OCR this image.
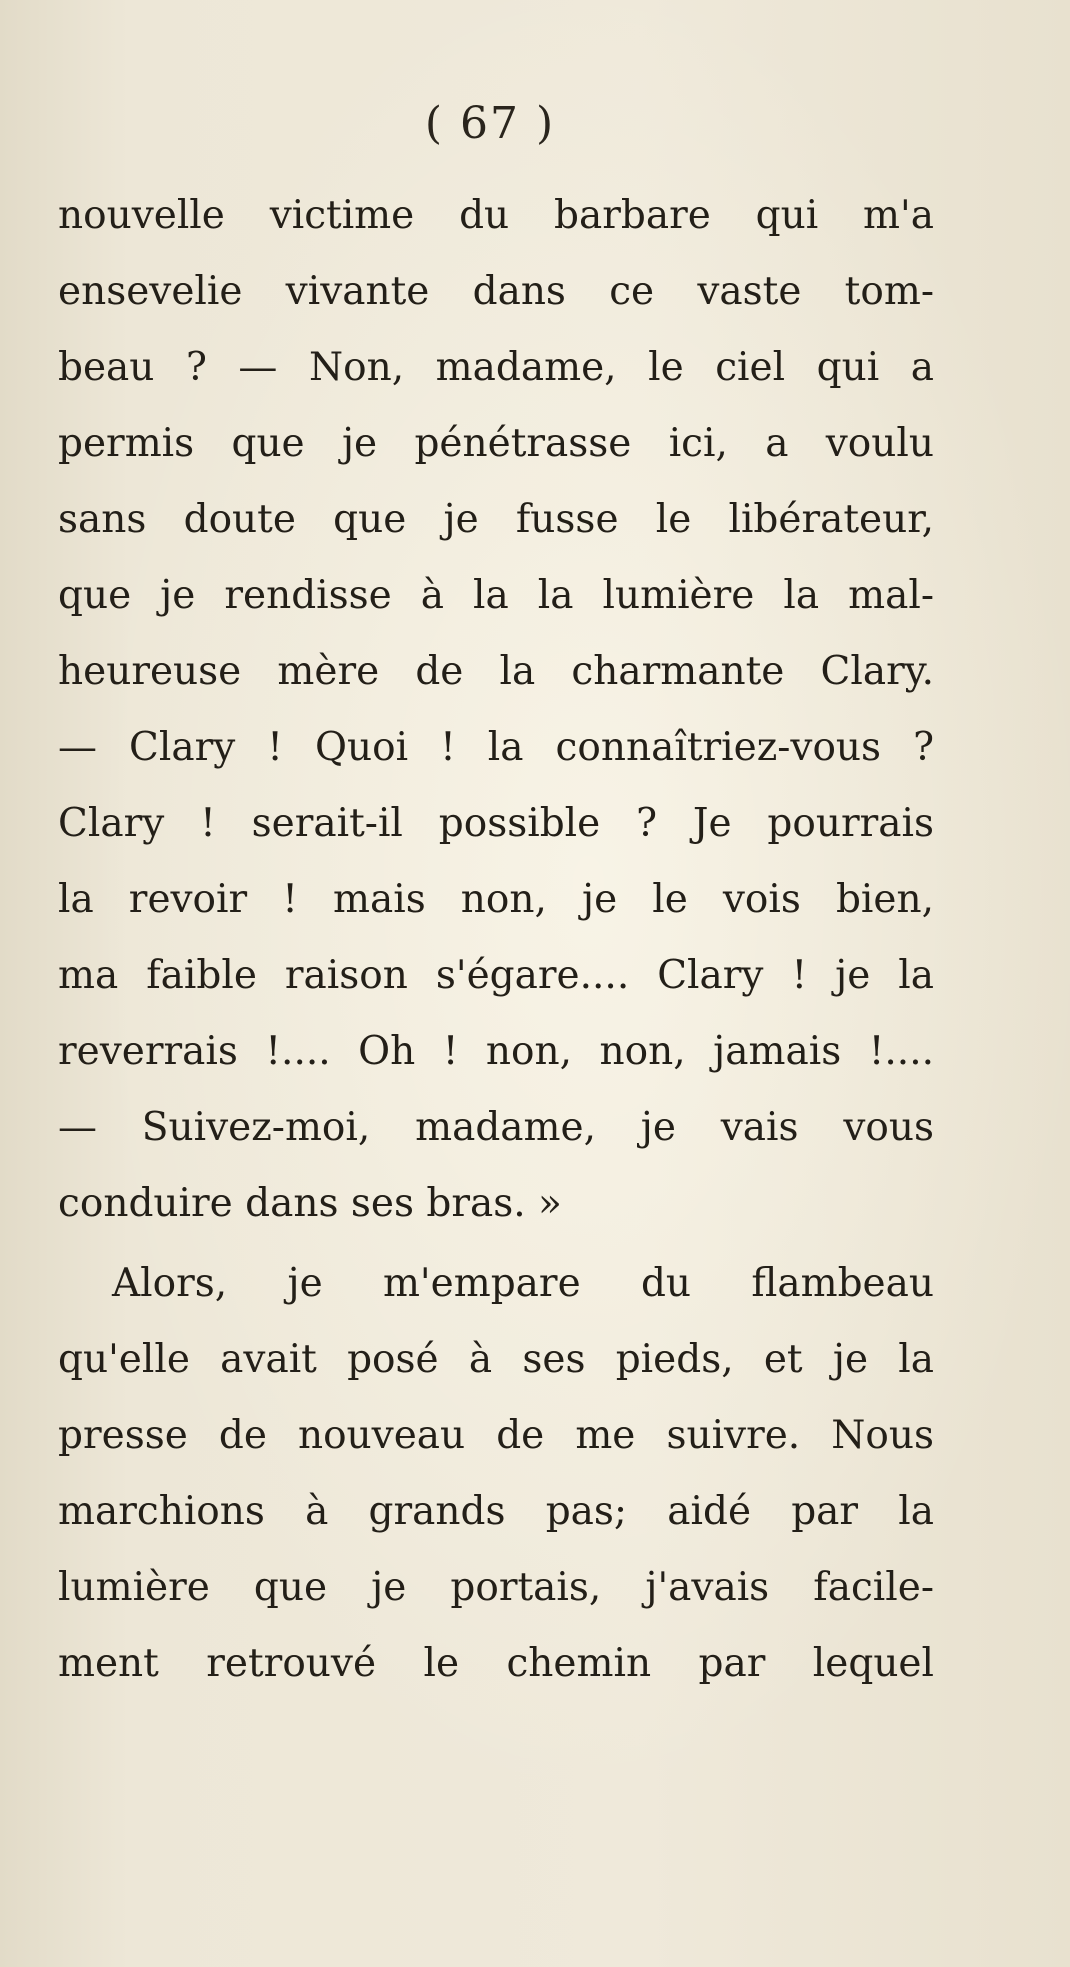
( 67 )
nouvelle victime du barbare qui m'a
ensevelie vivante dans ce vaste tom-
beau ? — Non, madame, le ciel qui a
permis que je pénétrasse ici, a voulu
sans doute que je fusse le libérateur,
que je rendisse à la la lumière la mal-
heureuse mère de la charmante Clary.
— Clary ! Quoi ! la connaîtriez-vous ?
Clary ! serait-il possible ? Je pourrais
la revoir ! mais non, je le vois bien,
ma faible raison s'égare.... Clary ! je la
reverrais !.... Oh ! non, non, jamais !....
— Suivez-moi, madame, je vais vous
conduire dans ses bras. »
Alors, je m'empare du flambeau
qu'elle avait posé à ses pieds, et je la
presse de nouveau de me suivre. Nous
marchions à grands pas; aidé par la
lumière que je portais, j'avais facile-
ment retrouvé le chemin par lequel
